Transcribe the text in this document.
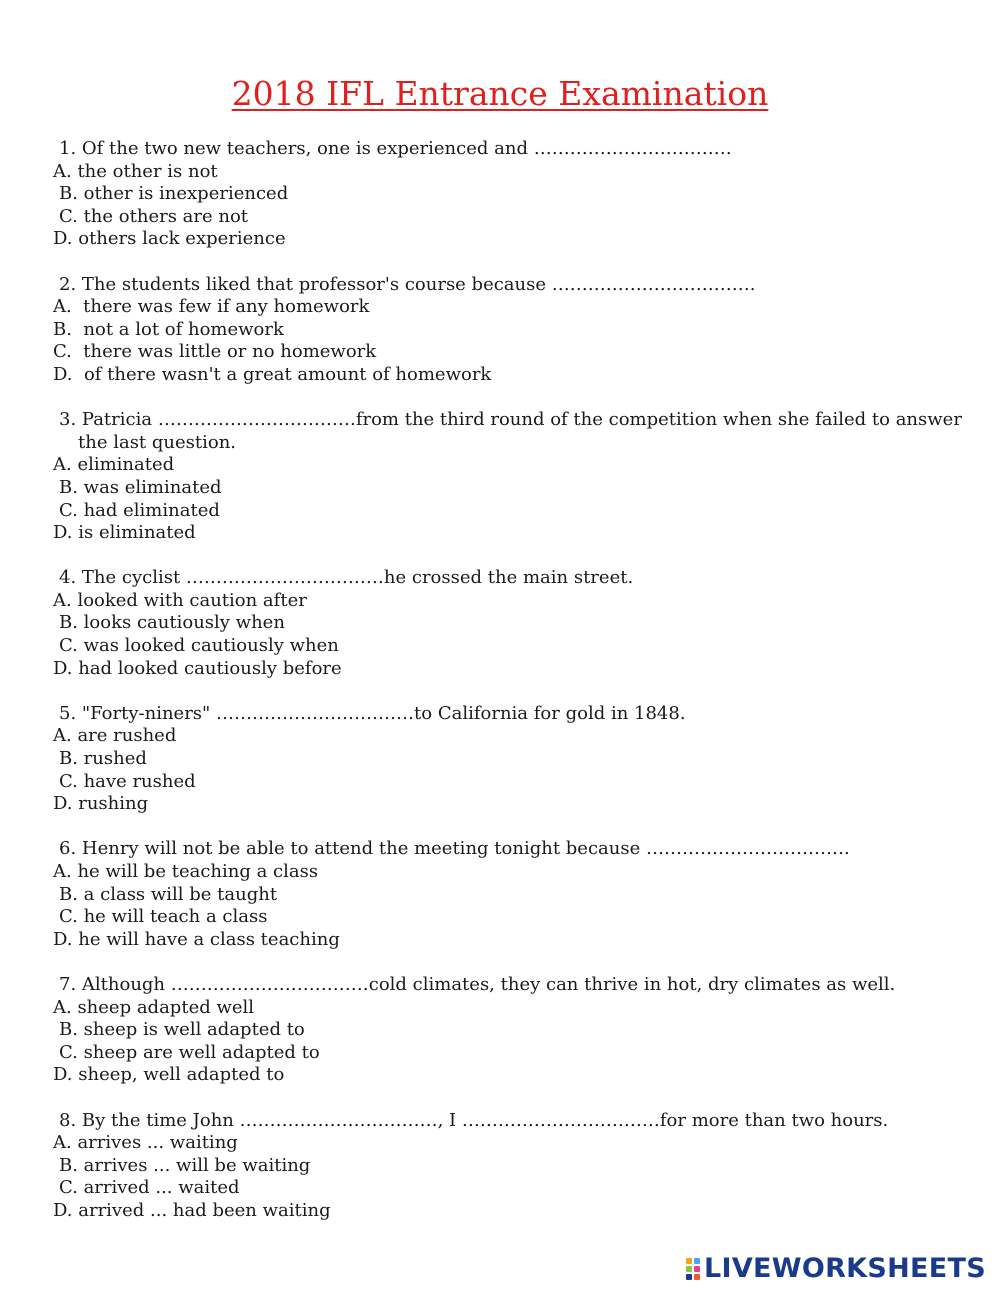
2018 IFL Entrance Examination
1. Of the two new teachers, one is experienced and ……………………………
A. the other is not
B. other is inexperienced
C. the others are not
D. others lack experience
2. The students liked that professor's course because …………………………….
A.  there was few if any homework
B.  not a lot of homework
C.  there was little or no homework
D.  of there wasn't a great amount of homework
3. Patricia ……………………………from the third round of the competition when she failed to answer
the last question.
A. eliminated
B. was eliminated
C. had eliminated
D. is eliminated
4. The cyclist ……………………………he crossed the main street.
A. looked with caution after
B. looks cautiously when
C. was looked cautiously when
D. had looked cautiously before
5. "Forty-niners" ……………………………to California for gold in 1848.
A. are rushed
B. rushed
C. have rushed
D. rushing
6. Henry will not be able to attend the meeting tonight because …………………………….
A. he will be teaching a class
B. a class will be taught
C. he will teach a class
D. he will have a class teaching
7. Although ……………………………cold climates, they can thrive in hot, dry climates as well.
A. sheep adapted well
B. sheep is well adapted to
C. sheep are well adapted to
D. sheep, well adapted to
8. By the time John ……………………………, I ……………………………for more than two hours.
A. arrives ... waiting
B. arrives ... will be waiting
C. arrived ... waited
D. arrived ... had been waiting
LIVEWORKSHEETS
